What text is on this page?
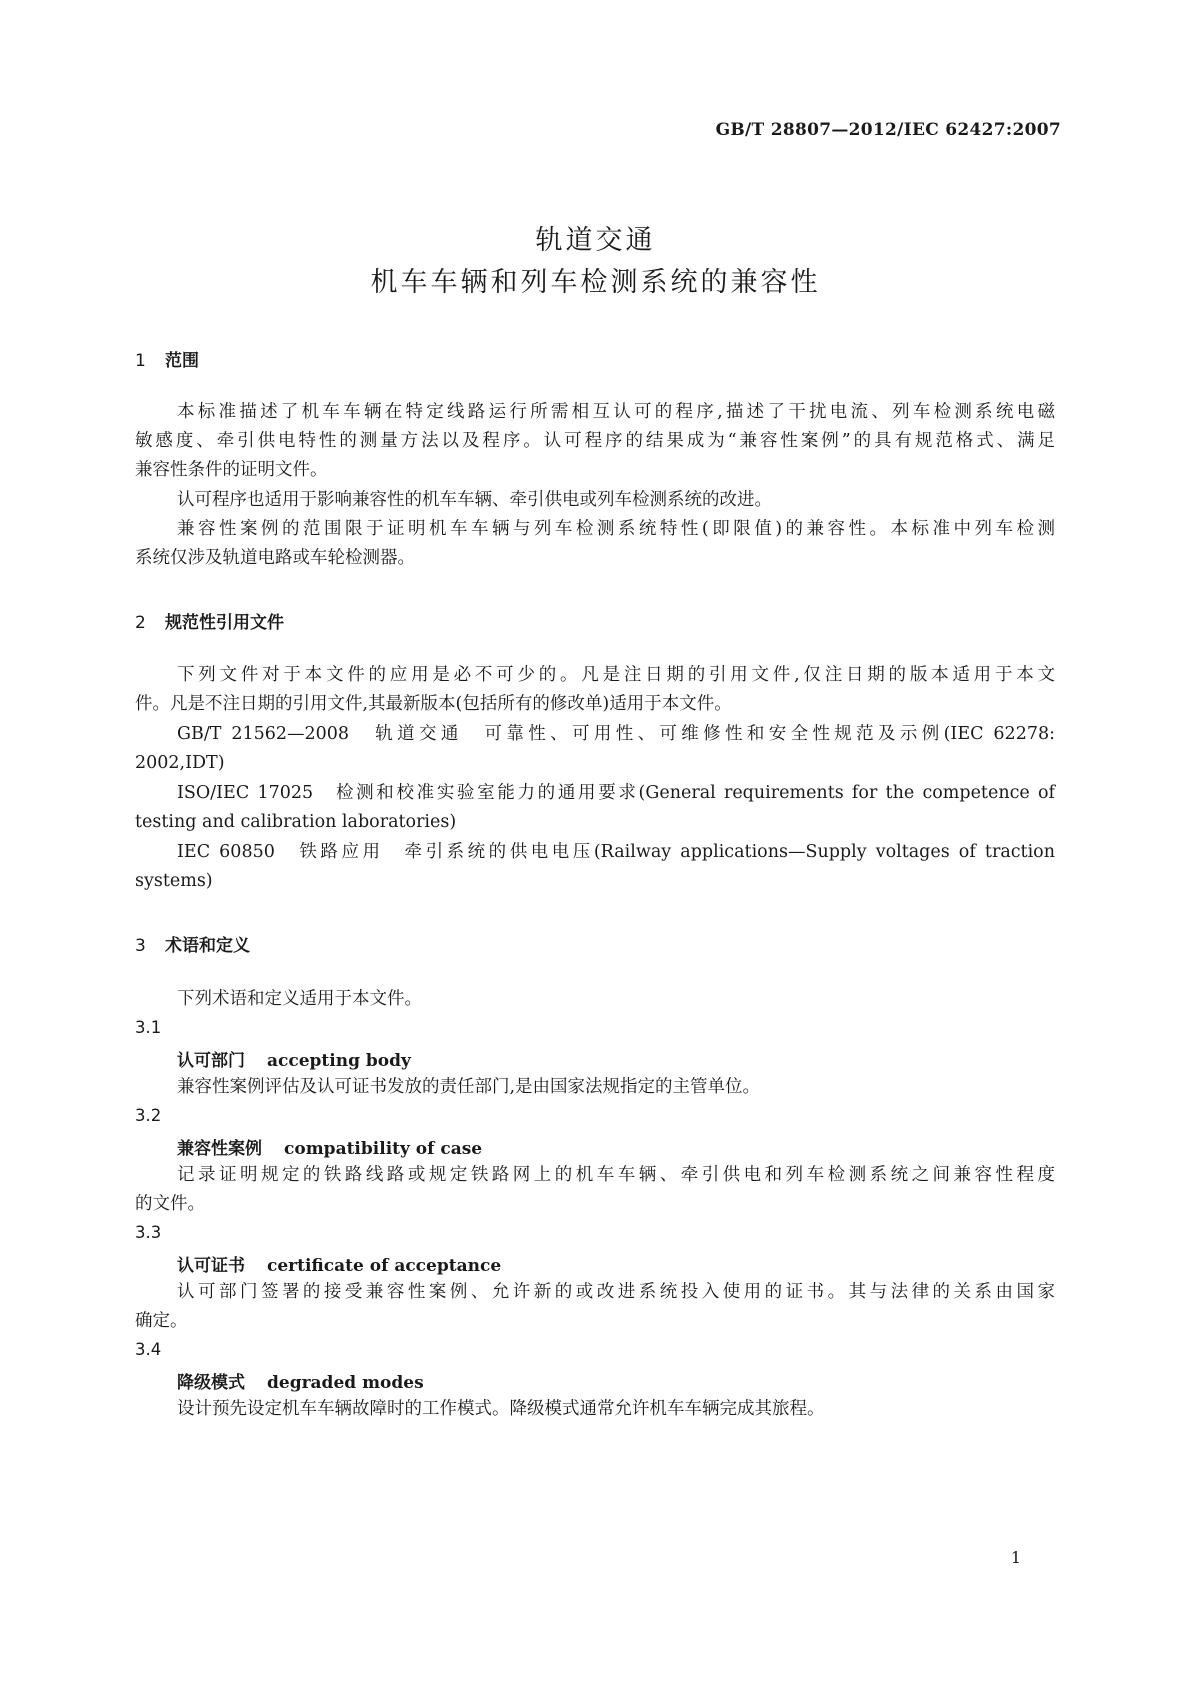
GB/T 28807—2012/IEC 62427:2007
轨道交通
机车车辆和列车检测系统的兼容性
1 范围
本标准描述了机车车辆在特定线路运行所需相互认可的程序,描述了干扰电流、列车检测系统电磁
敏感度、牵引供电特性的测量方法以及程序。认可程序的结果成为“兼容性案例”的具有规范格式、满足
兼容性条件的证明文件。
认可程序也适用于影响兼容性的机车车辆、牵引供电或列车检测系统的改进。
兼容性案例的范围限于证明机车车辆与列车检测系统特性(即限值)的兼容性。本标准中列车检测
系统仅涉及轨道电路或车轮检测器。
2 规范性引用文件
下列文件对于本文件的应用是必不可少的。凡是注日期的引用文件,仅注日期的版本适用于本文
件。凡是不注日期的引用文件,其最新版本(包括所有的修改单)适用于本文件。
GB/T 21562—2008　轨道交通　可靠性、可用性、可维修性和安全性规范及示例(IEC 62278:
2002,IDT)
ISO/IEC 17025　检测和校准实验室能力的通用要求(General requirements for the competence of
testing and calibration laboratories)
IEC 60850　铁路应用　牵引系统的供电电压(Railway applications—Supply voltages of traction
systems)
3 术语和定义
下列术语和定义适用于本文件。
3.1
认可部门 accepting body
兼容性案例评估及认可证书发放的责任部门,是由国家法规指定的主管单位。
3.2
兼容性案例 compatibility of case
记录证明规定的铁路线路或规定铁路网上的机车车辆、牵引供电和列车检测系统之间兼容性程度
的文件。
3.3
认可证书 certificate of acceptance
认可部门签署的接受兼容性案例、允许新的或改进系统投入使用的证书。其与法律的关系由国家
确定。
3.4
降级模式 degraded modes
设计预先设定机车车辆故障时的工作模式。降级模式通常允许机车车辆完成其旅程。
1
